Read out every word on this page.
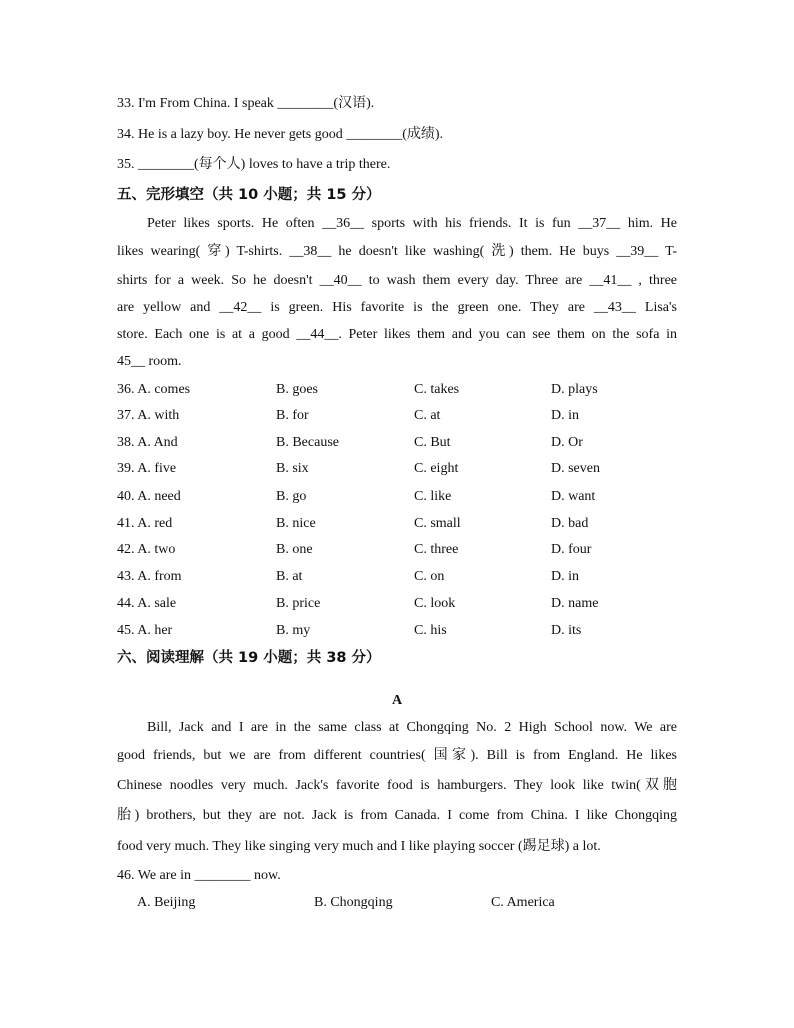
33. I'm From China. I speak ________(汉语).
34. He is a lazy boy. He never gets good ________(成绩).
35. ________(每个人) loves to have a trip there.
五、完形填空（共 10 小题；共 15 分）
Peter likes sports. He often __36__ sports with his friends. It is fun __37__ him. He
likes wearing( 穿) T-shirts. __38__ he doesn't like washing( 洗) them. He buys __39__ T-
shirts for a week. So he doesn't __40__ to wash them every day. Three are __41__ , three
are yellow and __42__ is green. His favorite is the green one. They are __43__ Lisa's
store. Each one is at a good __44__. Peter likes them and you can see them on the sofa in
45__ room.
36. A. comes	B. goes	C. takes	D. plays
37. A. with	B. for	C. at	D. in
38. A. And	B. Because	C. But	D. Or
39. A. five	B. six	C. eight	D. seven
40. A. need	B. go	C. like	D. want
41. A. red	B. nice	C. small	D. bad
42. A. two	B. one	C. three	D. four
43. A. from	B. at	C. on	D. in
44. A. sale	B. price	C. look	D. name
45. A. her	B. my	C. his	D. its
六、阅读理解（共 19 小题；共 38 分）
A
Bill, Jack and I are in the same class at Chongqing No. 2 High School now. We are
good friends, but we are from different countries( 国家). Bill is from England. He likes
Chinese noodles very much. Jack's favorite food is hamburgers. They look like twin(双胞
胎) brothers, but they are not. Jack is from Canada. I come from China. I like Chongqing
food very much. They like singing very much and I like playing soccer (踢足球) a lot.
46. We are in ________ now.
A. Beijing	B. Chongqing	C. America
